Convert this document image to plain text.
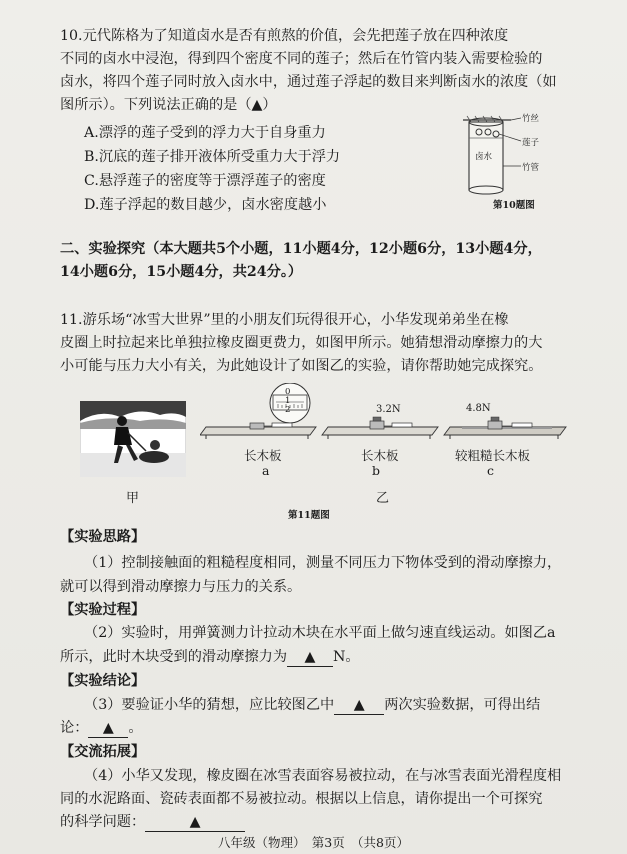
10.元代陈格为了知道卤水是否有煎熬的价值，会先把莲子放在四种浓度
不同的卤水中浸泡，得到四个密度不同的莲子；然后在竹管内装入需要检验的
卤水，将四个莲子同时放入卤水中，通过莲子浮起的数目来判断卤水的浓度（如
图所示）。下列说法正确的是（▲）
A.漂浮的莲子受到的浮力大于自身重力
B.沉底的莲子排开液体所受重力大于浮力
C.悬浮莲子的密度等于漂浮莲子的密度
D.莲子浮起的数目越少，卤水密度越小
竹丝
莲子
卤水
竹管
第10题图
二、实验探究（本大题共5个小题，11小题4分，12小题6分，13小题4分，
14小题6分，15小题4分，共24分。）
11.游乐场“冰雪大世界”里的小朋友们玩得很开心，小华发现弟弟坐在橡
皮圈上时拉起来比单独拉橡皮圈更费力，如图甲所示。她猜想滑动摩擦力的大
小可能与压力大小有关，为此她设计了如图乙的实验，请你帮助她完成探究。
0
1
2	3.2N	4.8N
长木板	长木板	较粗糙长木板
a	b	c
甲	乙
第11题图
【实验思路】
（1）控制接触面的粗糙程度相同，测量不同压力下物体受到的滑动摩擦力，
就可以得到滑动摩擦力与压力的关系。
【实验过程】
（2）实验时，用弹簧测力计拉动木块在水平面上做匀速直线运动。如图乙a
所示，此时木块受到的滑动摩擦力为 ▲ N。
【实验结论】
（3）要验证小华的猜想，应比较图乙中 ▲ 两次实验数据，可得出结
论： ▲ 。
【交流拓展】
（4）小华又发现，橡皮圈在冰雪表面容易被拉动，在与冰雪表面光滑程度相
同的水泥路面、瓷砖表面都不易被拉动。根据以上信息，请你提出一个可探究
的科学问题：	▲
八年级（物理）　第3页　（共8页）
